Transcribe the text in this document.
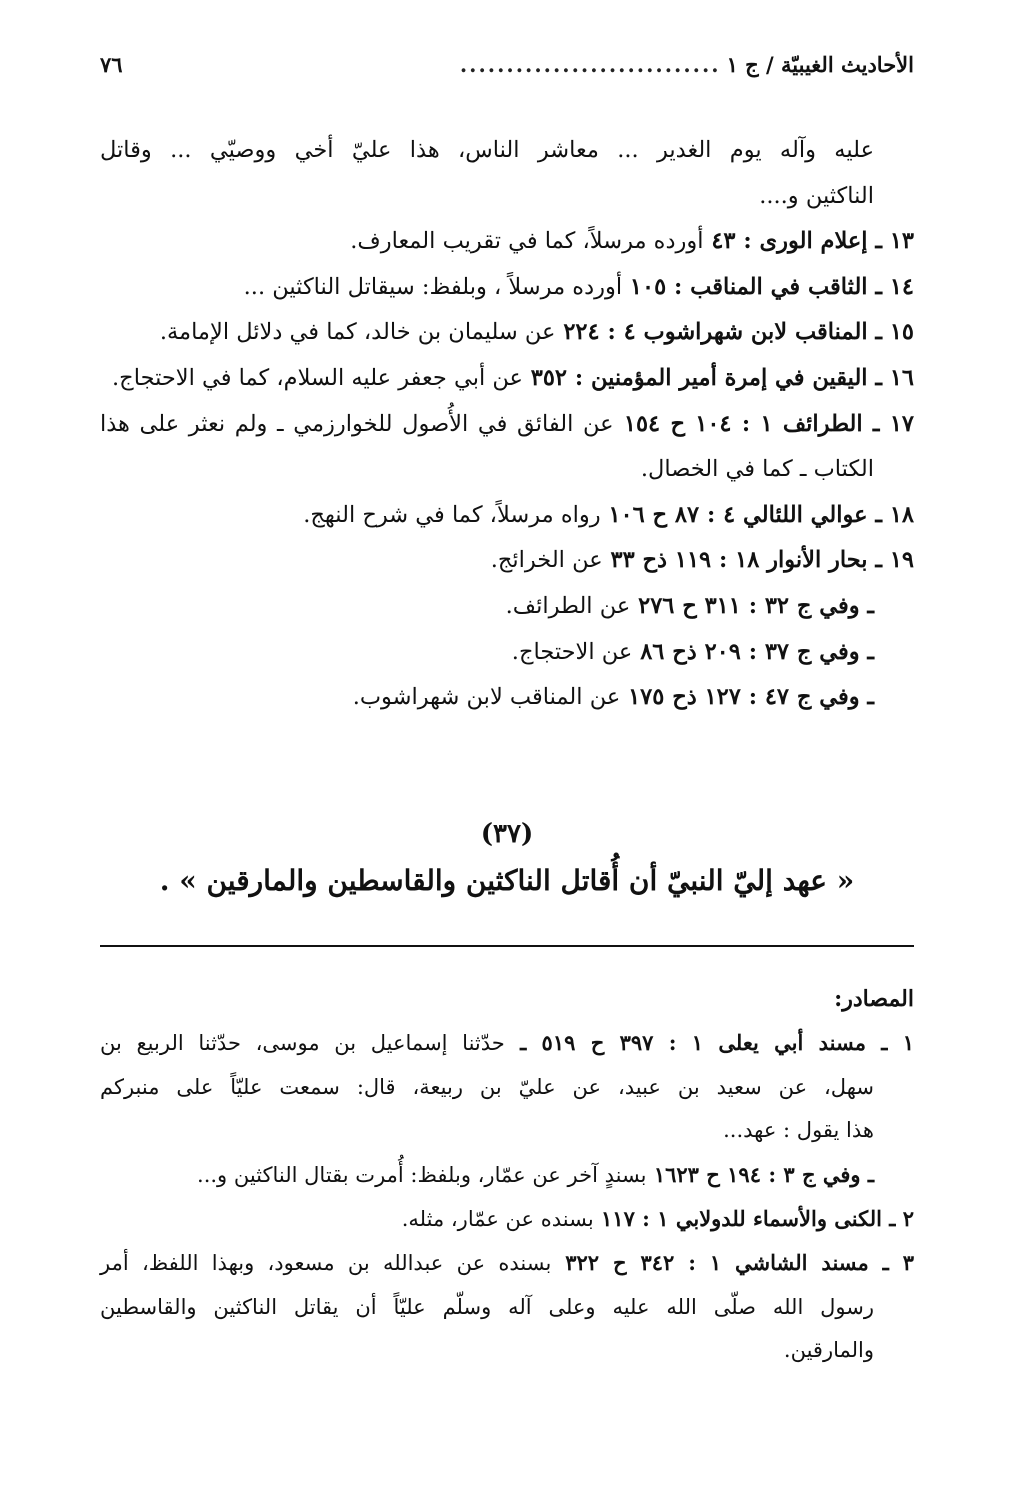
الأحاديث الغيبيّة / ج ١
............................
٧٦
عليه وآله يوم الغدير ... معاشر الناس، هذا عليّ أخي ووصيّي ... وقاتل
الناكثين و....
١٣ ـ إعلام الورى : ٤٣ أورده مرسلاً، كما في تقريب المعارف.
١٤ ـ الثاقب في المناقب : ١٠٥ أورده مرسلاً ، وبلفظ: سيقاتل الناكثين ...
١٥ ـ المناقب لابن شهراشوب ٤ : ٢٢٤ عن سليمان بن خالد، كما في دلائل الإمامة.
١٦ ـ اليقين في إمرة أمير المؤمنين : ٣٥٢ عن أبي جعفر عليه السلام، كما في الاحتجاج.
١٧ ـ الطرائف ١ : ١٠٤ ح ١٥٤ عن الفائق في الأُصول للخوارزمي ـ ولم نعثر على هذا
الكتاب ـ كما في الخصال.
١٨ ـ عوالي اللئالي ٤ : ٨٧ ح ١٠٦ رواه مرسلاً، كما في شرح النهج.
١٩ ـ بحار الأنوار ١٨ : ١١٩ ذح ٣٣ عن الخرائج.
ـ وفي ج ٣٢ : ٣١١ ح ٢٧٦ عن الطرائف.
ـ وفي ج ٣٧ : ٢٠٩ ذح ٨٦ عن الاحتجاج.
ـ وفي ج ٤٧ : ١٢٧ ذح ١٧٥ عن المناقب لابن شهراشوب.
(٣٧)
« عهد إليّ النبيّ أن أُقاتل الناكثين والقاسطين والمارقين » .
المصادر:
١ ـ مسند أبي يعلى ١ : ٣٩٧ ح ٥١٩ ـ حدّثنا إسماعيل بن موسى، حدّثنا الربيع بن
سهل، عن سعيد بن عبيد، عن عليّ بن ربيعة، قال: سمعت عليّاً على منبركم
هذا يقول : عهد...
ـ وفي ج ٣ : ١٩٤ ح ١٦٢٣ بسندٍ آخر عن عمّار، وبلفظ: أُمرت بقتال الناكثين و...
٢ ـ الكنى والأسماء للدولابي ١ : ١١٧ بسنده عن عمّار، مثله.
٣ ـ مسند الشاشي ١ : ٣٤٢ ح ٣٢٢ بسنده عن عبدالله بن مسعود، وبهذا اللفظ، أمر
رسول الله صلّى الله عليه وعلى آله وسلّم عليّاً أن يقاتل الناكثين والقاسطين
والمارقين.
